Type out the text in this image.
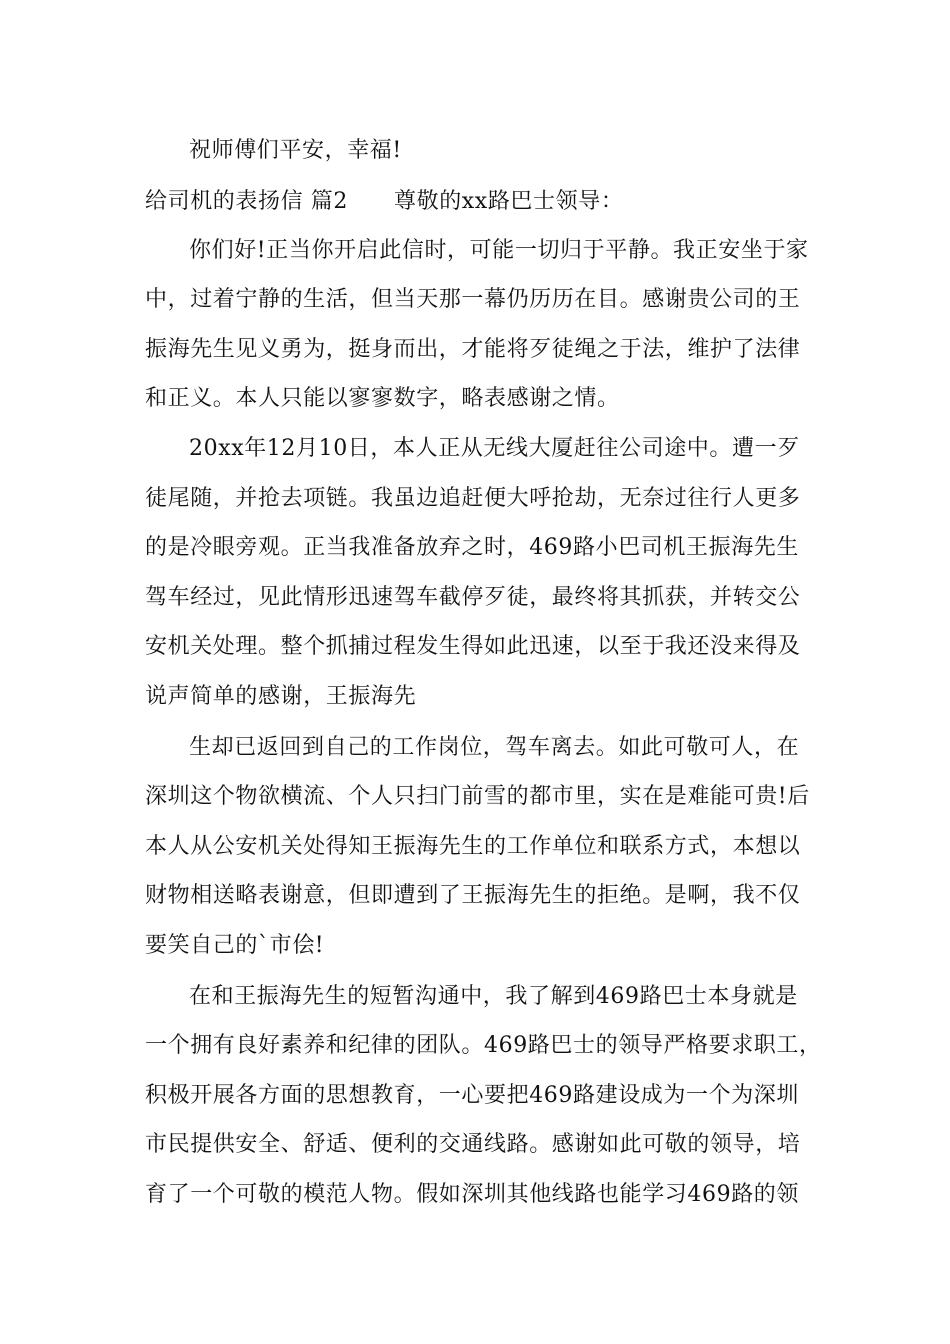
祝师傅们平安，幸福!
给司机的表扬信 篇2 尊敬的xx路巴士领导：
你们好!正当你开启此信时，可能一切归于平静。我正安坐于家
中，过着宁静的生活，但当天那一幕仍历历在目。感谢贵公司的王
振海先生见义勇为，挺身而出，才能将歹徒绳之于法，维护了法律
和正义。本人只能以寥寥数字，略表感谢之情。
20xx年12月10日，本人正从无线大厦赶往公司途中。遭一歹
徒尾随，并抢去项链。我虽边追赶便大呼抢劫，无奈过往行人更多
的是冷眼旁观。正当我准备放弃之时，469路小巴司机王振海先生
驾车经过，见此情形迅速驾车截停歹徒，最终将其抓获，并转交公
安机关处理。整个抓捕过程发生得如此迅速，以至于我还没来得及
说声简单的感谢，王振海先
生却已返回到自己的工作岗位，驾车离去。如此可敬可人，在
深圳这个物欲横流、个人只扫门前雪的都市里，实在是难能可贵!后
本人从公安机关处得知王振海先生的工作单位和联系方式，本想以
财物相送略表谢意，但即遭到了王振海先生的拒绝。是啊，我不仅
要笑自己的`市侩!
在和王振海先生的短暂沟通中，我了解到469路巴士本身就是
一个拥有良好素养和纪律的团队。469路巴士的领导严格要求职工，
积极开展各方面的思想教育，一心要把469路建设成为一个为深圳
市民提供安全、舒适、便利的交通线路。感谢如此可敬的领导，培
育了一个可敬的模范人物。假如深圳其他线路也能学习469路的领
